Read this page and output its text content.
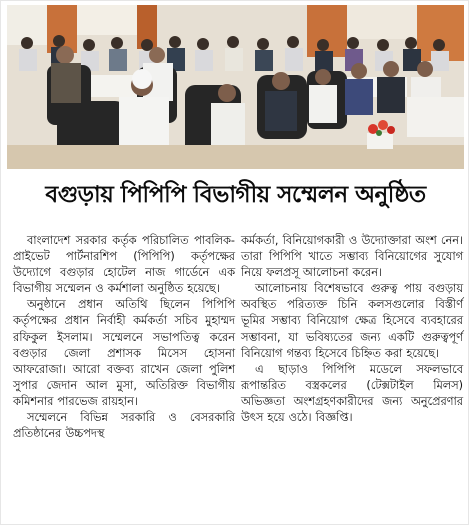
বগুড়ায় পিপিপি বিভাগীয় সম্মেলন অনুষ্ঠিত

বাংলাদেশ সরকার কর্তৃক পরিচালিত পাবলিক-প্রাইভেট পার্টনারশিপ (পিপিপি) কর্তৃপক্ষের উদ্যোগে বগুড়ার হোটেল নাজ গার্ডেনে এক বিভাগীয় সম্মেলন ও কর্মশালা অনুষ্ঠিত হয়েছে।

অনুষ্ঠানে প্রধান অতিথি ছিলেন পিপিপি কর্তৃপক্ষের প্রধান নির্বাহী কর্মকর্তা সচিব মুহাম্মদ রফিকুল ইসলাম। সম্মেলনে সভাপতিত্ব করেন বগুড়ার জেলা প্রশাসক মিসেস হোসনা আফরোজা। আরো বক্তব্য রাখেন জেলা পুলিশ সুপার জেদান আল মুসা, অতিরিক্ত বিভাগীয় কমিশনার পারভেজ রায়হান।

সম্মেলনে বিভিন্ন সরকারি ও বেসরকারি প্রতিষ্ঠানের উচ্চপদস্থ

কর্মকর্তা, বিনিয়োগকারী ও উদ্যোক্তারা অংশ নেন। তারা পিপিপি খাতে সম্ভাব্য বিনিয়োগের সুযোগ নিয়ে ফলপ্রসূ আলোচনা করেন।

আলোচনায় বিশেষভাবে গুরুত্ব পায় বগুড়ায় অবস্থিত পরিত্যক্ত চিনি কলসগুলোর বিস্তীর্ণ ভূমির সম্ভাব্য বিনিয়োগ ক্ষেত্র হিসেবে ব্যবহারের সম্ভাবনা, যা ভবিষ্যতের জন্য একটি গুরুত্বপূর্ণ বিনিয়োগ গন্তব্য হিসেবে চিহ্নিত করা হয়েছে।

এ ছাড়াও পিপিপি মডেলে সফলভাবে রূপান্তরিত বস্ত্রকলের (টেক্সটাইল মিলস) অভিজ্ঞতা অংশগ্রহণকারীদের জন্য অনুপ্রেরণার উৎস হয়ে ওঠে। বিজ্ঞপ্তি।
